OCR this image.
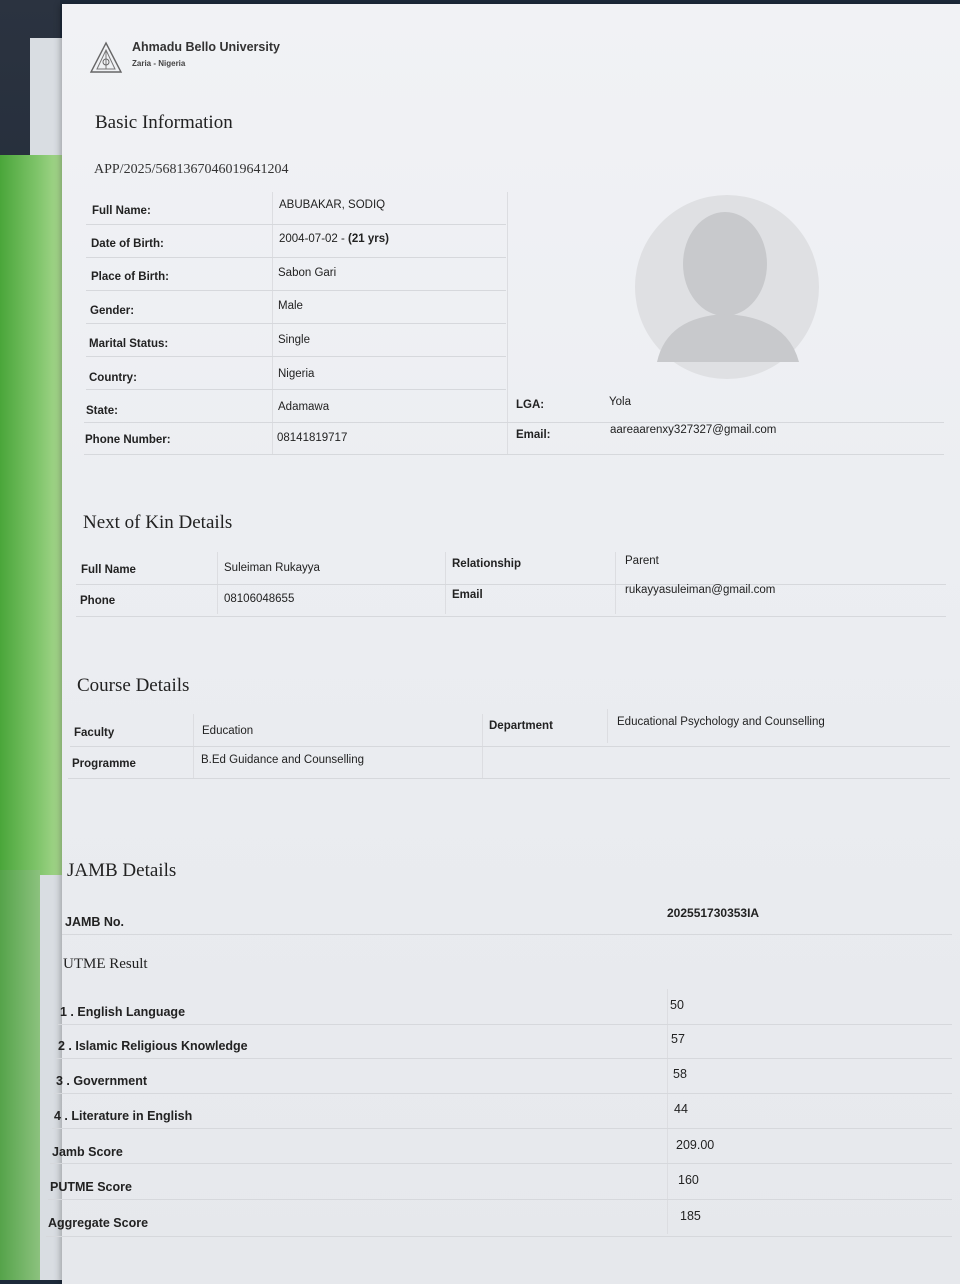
Ahmadu Bello University
Zaria - Nigeria
Basic Information
APP/2025/5681367046019641204
Full Name:	ABUBAKAR, SODIQ
Date of Birth:	2004-07-02 - (21 yrs)
Place of Birth:	Sabon Gari
Gender:	Male
Marital Status:	Single
Country:	Nigeria
State:	Adamawa	LGA:	Yola
Phone Number:	08141819717	Email:	aareaarenxy327327@gmail.com
Next of Kin Details
Full Name	Suleiman Rukayya	Relationship	Parent
Phone	08106048655	Email	rukayyasuleiman@gmail.com
Course Details
Faculty	Education	Department	Educational Psychology and Counselling
Programme	B.Ed Guidance and Counselling
JAMB Details
JAMB No.
202551730353IA
UTME Result
1 . English Language	50
2 . Islamic Religious Knowledge	57
3 . Government	58
4 . Literature in English	44
Jamb Score	209.00
PUTME Score	160
Aggregate Score	185
